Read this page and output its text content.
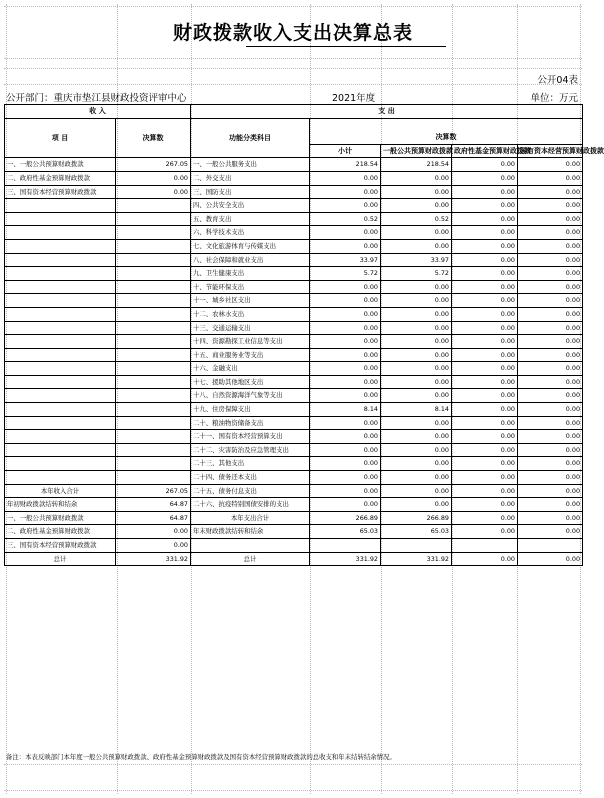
财政拨款收入支出决算总表
公开04表
公开部门：重庆市垫江县财政投资评审中心	2021年度	单位：万元
收 入		支 出				
项 目	决算数	功能分类科目				
			决算数			
			小计	一般公共预算财政拨款	政府性基金预算财政拨款	国有资本经营预算财政拨款
一、一般公共预算财政拨款	267.05	一、一般公共服务支出	218.54	218.54	0.00	0.00
二、政府性基金预算财政拨款	0.00	二、外交支出	0.00	0.00	0.00	0.00
三、国有资本经营预算财政拨款	0.00	三、国防支出	0.00	0.00	0.00	0.00
		四、公共安全支出	0.00	0.00	0.00	0.00
		五、教育支出	0.52	0.52	0.00	0.00
		六、科学技术支出	0.00	0.00	0.00	0.00
		七、文化旅游体育与传媒支出	0.00	0.00	0.00	0.00
		八、社会保障和就业支出	33.97	33.97	0.00	0.00
		九、卫生健康支出	5.72	5.72	0.00	0.00
		十、节能环保支出	0.00	0.00	0.00	0.00
		十一、城乡社区支出	0.00	0.00	0.00	0.00
		十二、农林水支出	0.00	0.00	0.00	0.00
		十三、交通运输支出	0.00	0.00	0.00	0.00
		十四、资源勘探工业信息等支出	0.00	0.00	0.00	0.00
		十五、商业服务业等支出	0.00	0.00	0.00	0.00
		十六、金融支出	0.00	0.00	0.00	0.00
		十七、援助其他地区支出	0.00	0.00	0.00	0.00
		十八、自然资源海洋气象等支出	0.00	0.00	0.00	0.00
		十九、住房保障支出	8.14	8.14	0.00	0.00
		二十、粮油物资储备支出	0.00	0.00	0.00	0.00
		二十一、国有资本经营预算支出	0.00	0.00	0.00	0.00
		二十二、灾害防治及应急管理支出	0.00	0.00	0.00	0.00
		二十三、其他支出	0.00	0.00	0.00	0.00
		二十四、债务还本支出	0.00	0.00	0.00	0.00
本年收入合计	267.05	二十五、债务付息支出	0.00	0.00	0.00	0.00
年初财政拨款结转和结余	64.87	二十六、抗疫特别国债安排的支出	0.00	0.00	0.00	0.00
一、一般公共预算财政拨款	64.87	本年支出合计	266.89	266.89	0.00	0.00
二、政府性基金预算财政拨款	0.00	年末财政拨款结转和结余	65.03	65.03	0.00	0.00
三、国有资本经营预算财政拨款	0.00					
总计	331.92	总计	331.92	331.92	0.00	0.00
备注：本表反映部门本年度一般公共预算财政拨款、政府性基金预算财政拨款及国有资本经营预算财政拨款的总收支和年末结转结余情况。
